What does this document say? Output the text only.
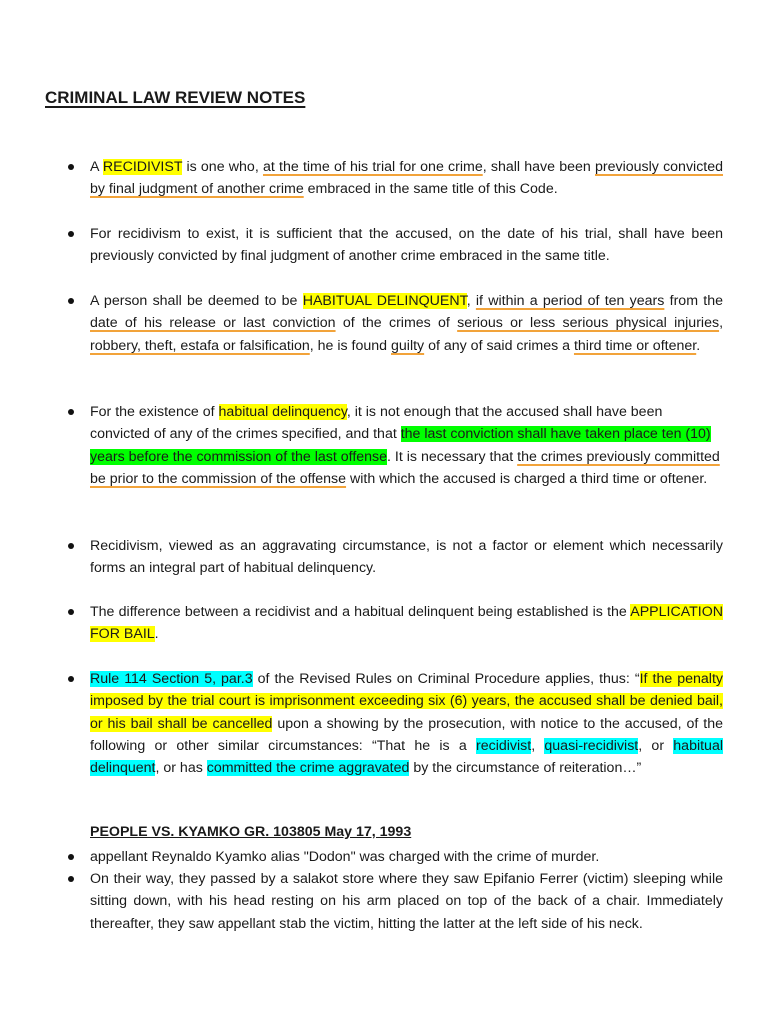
CRIMINAL LAW REVIEW NOTES
A RECIDIVIST is one who, at the time of his trial for one crime, shall have been previously convicted by final judgment of another crime embraced in the same title of this Code.
For recidivism to exist, it is sufficient that the accused, on the date of his trial, shall have been previously convicted by final judgment of another crime embraced in the same title.
A person shall be deemed to be HABITUAL DELINQUENT, if within a period of ten years from the date of his release or last conviction of the crimes of serious or less serious physical injuries, robbery, theft, estafa or falsification, he is found guilty of any of said crimes a third time or oftener.
For the existence of habitual delinquency, it is not enough that the accused shall have been convicted of any of the crimes specified, and that the last conviction shall have taken place ten (10) years before the commission of the last offense. It is necessary that the crimes previously committed be prior to the commission of the offense with which the accused is charged a third time or oftener.
Recidivism, viewed as an aggravating circumstance, is not a factor or element which necessarily forms an integral part of habitual delinquency.
The difference between a recidivist and a habitual delinquent being established is the APPLICATION FOR BAIL.
Rule 114 Section 5, par.3 of the Revised Rules on Criminal Procedure applies, thus: “If the penalty imposed by the trial court is imprisonment exceeding six (6) years, the accused shall be denied bail, or his bail shall be cancelled upon a showing by the prosecution, with notice to the accused, of the following or other similar circumstances: “That he is a recidivist, quasi-recidivist, or habitual delinquent, or has committed the crime aggravated by the circumstance of reiteration…”
PEOPLE VS. KYAMKO GR. 103805 May 17, 1993
appellant Reynaldo Kyamko alias "Dodon" was charged with the crime of murder.
On their way, they passed by a salakot store where they saw Epifanio Ferrer (victim) sleeping while sitting down, with his head resting on his arm placed on top of the back of a chair. Immediately thereafter, they saw appellant stab the victim, hitting the latter at the left side of his neck.
